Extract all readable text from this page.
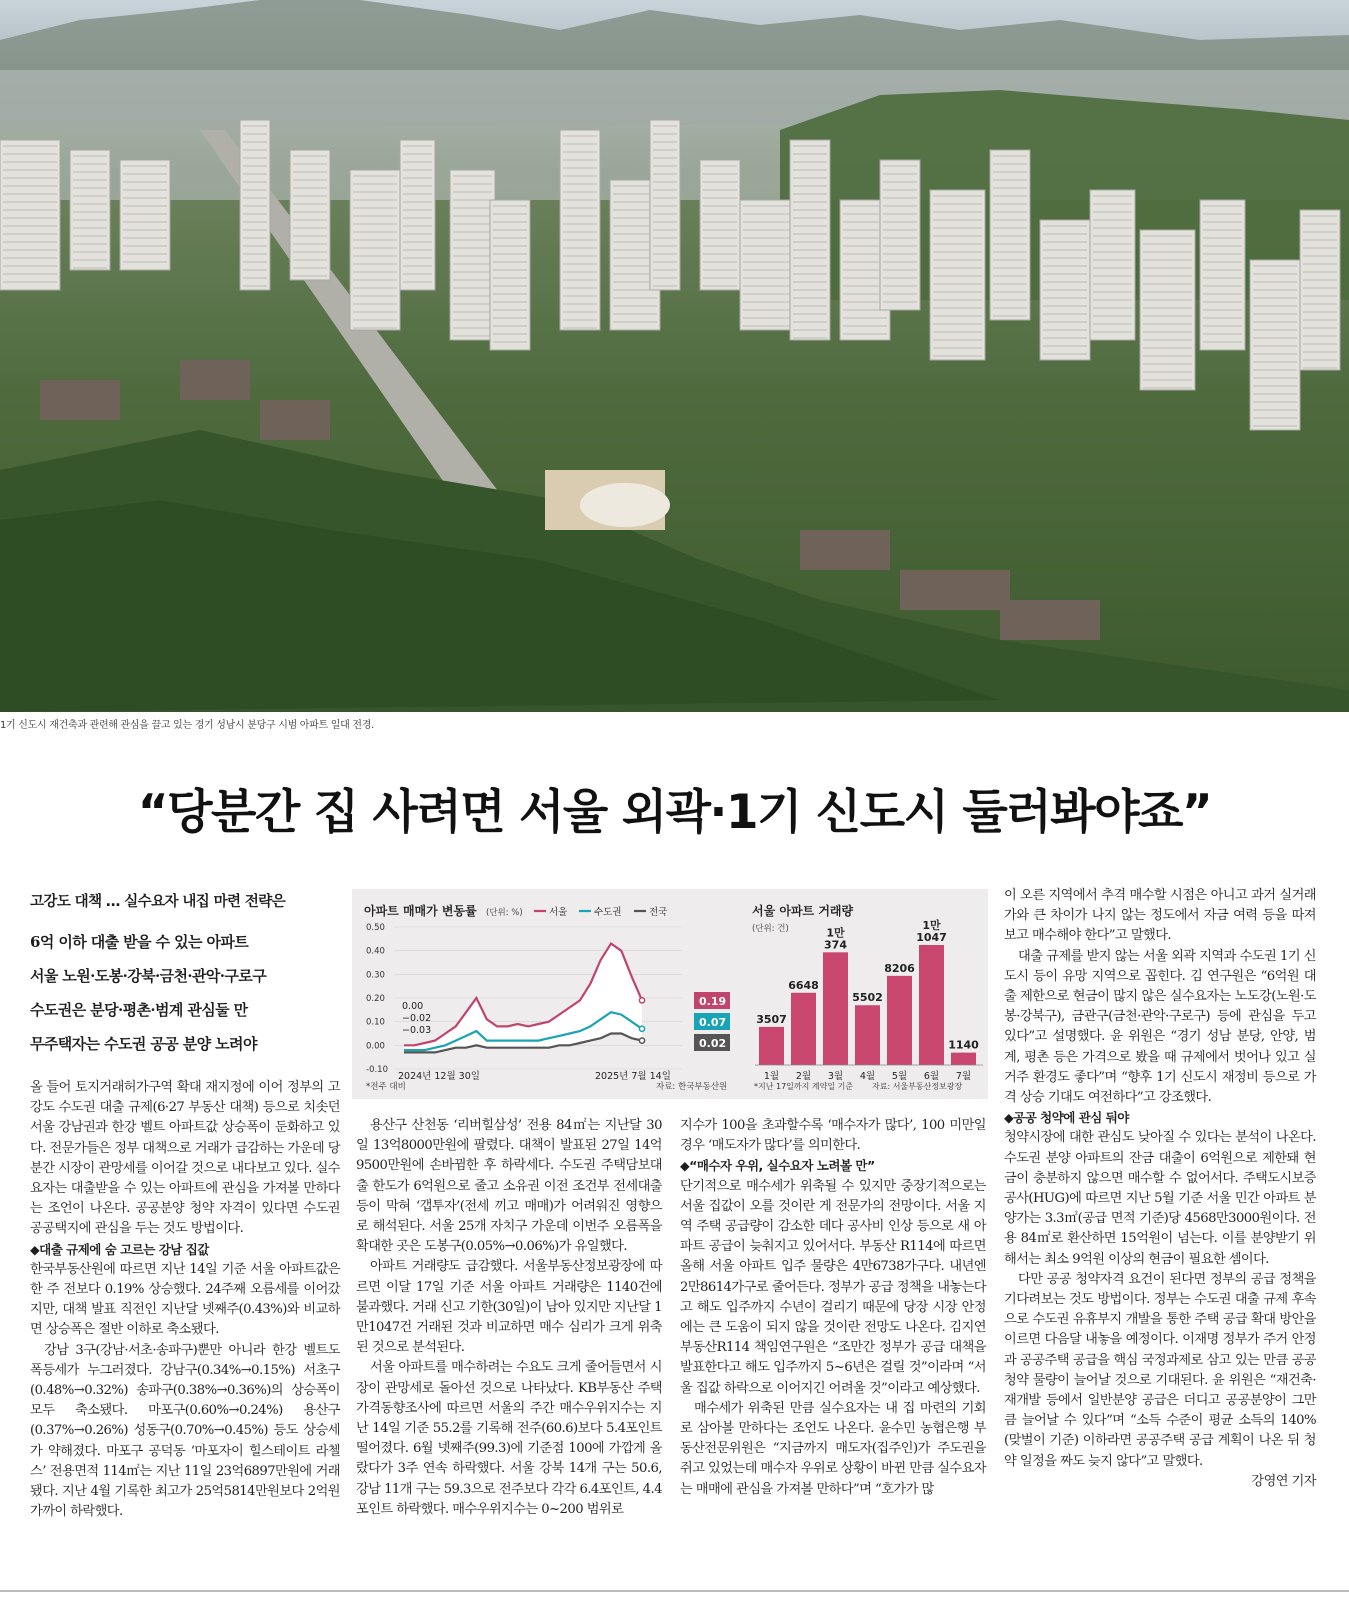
1기 신도시 재건축과 관련해 관심을 끌고 있는 경기 성남시 분당구 시범 아파트 일대 전경.
“당분간 집 사려면 서울 외곽·1기 신도시 둘러봐야죠”
고강도 대책 … 실수요자 내집 마련 전략은
6억 이하 대출 받을 수 있는 아파트
서울 노원·도봉·강북·금천·관악·구로구
수도권은 분당·평촌·범계 관심둘 만
무주택자는 수도권 공공 분양 노려야
아파트 매매가 변동률 (단위: %)	서울	수도권	전국
0.50
0.40
0.30
0.20
0.10
0.00
-0.10
0.00
−0.02
−0.03
0.19
0.07
0.02
2024년 12월 30일	2025년 7월 14일
*전주 대비	자료: 한국부동산원
서울 아파트 거래량
(단위: 건)
3507
1월
6648
2월
1만
374
3월
5502
4월
8206
5월
1만
1047
6월
1140
7월
*지난 17일까지 계약일 기준 자료: 서울부동산정보광장

올 들어 토지거래허가구역 확대 재지정에 이어 정부의 고강도 수도권 대출 규제(6·27 부동산 대책) 등으로 치솟던 서울 강남권과 한강 벨트 아파트값 상승폭이 둔화하고 있다. 전문가들은 정부 대책으로 거래가 급감하는 가운데 당분간 시장이 관망세를 이어갈 것으로 내다보고 있다. 실수요자는 대출받을 수 있는 아파트에 관심을 가져볼 만하다는 조언이 나온다. 공공분양 청약 자격이 있다면 수도권 공공택지에 관심을 두는 것도 방법이다.

◆대출 규제에 숨 고르는 강남 집값

한국부동산원에 따르면 지난 14일 기준 서울 아파트값은 한 주 전보다 0.19% 상승했다. 24주째 오름세를 이어갔지만, 대책 발표 직전인 지난달 넷째주(0.43%)와 비교하면 상승폭은 절반 이하로 축소됐다.

강남 3구(강남·서초·송파구)뿐만 아니라 한강 벨트도 폭등세가 누그러졌다. 강남구(0.34%→0.15%) 서초구(0.48%→0.32%) 송파구(0.38%→0.36%)의 상승폭이 모두 축소됐다. 마포구(0.60%→0.24%) 용산구(0.37%→0.26%) 성동구(0.70%→0.45%) 등도 상승세가 약해졌다. 마포구 공덕동 ‘마포자이 힐스테이트 라첼스’ 전용면적 114㎡는 지난 11일 23억6897만원에 거래됐다. 지난 4월 기록한 최고가 25억5814만원보다 2억원 가까이 하락했다.

용산구 산천동 ‘리버힐삼성’ 전용 84㎡는 지난달 30일 13억8000만원에 팔렸다. 대책이 발표된 27일 14억9500만원에 손바뀜한 후 하락세다. 수도권 주택담보대출 한도가 6억원으로 줄고 소유권 이전 조건부 전세대출 등이 막혀 ‘갭투자’(전세 끼고 매매)가 어려워진 영향으로 해석된다. 서울 25개 자치구 가운데 이번주 오름폭을 확대한 곳은 도봉구(0.05%→0.06%)가 유일했다.

아파트 거래량도 급감했다. 서울부동산정보광장에 따르면 이달 17일 기준 서울 아파트 거래량은 1140건에 불과했다. 거래 신고 기한(30일)이 남아 있지만 지난달 1만1047건 거래된 것과 비교하면 매수 심리가 크게 위축된 것으로 분석된다.

서울 아파트를 매수하려는 수요도 크게 줄어들면서 시장이 관망세로 돌아선 것으로 나타났다. KB부동산 주택가격동향조사에 따르면 서울의 주간 매수우위지수는 지난 14일 기준 55.2를 기록해 전주(60.6)보다 5.4포인트 떨어졌다. 6월 넷째주(99.3)에 기준점 100에 가깝게 올랐다가 3주 연속 하락했다. 서울 강북 14개 구는 50.6, 강남 11개 구는 59.3으로 전주보다 각각 6.4포인트, 4.4포인트 하락했다. 매수우위지수는 0~200 범위로

지수가 100을 초과할수록 ‘매수자가 많다’, 100 미만일 경우 ‘매도자가 많다’를 의미한다.

◆“매수자 우위, 실수요자 노려볼 만”

단기적으로 매수세가 위축될 수 있지만 중장기적으로는 서울 집값이 오를 것이란 게 전문가의 전망이다. 서울 지역 주택 공급량이 감소한 데다 공사비 인상 등으로 새 아파트 공급이 늦춰지고 있어서다. 부동산 R114에 따르면 올해 서울 아파트 입주 물량은 4만6738가구다. 내년엔 2만8614가구로 줄어든다. 정부가 공급 정책을 내놓는다고 해도 입주까지 수년이 걸리기 때문에 당장 시장 안정에는 큰 도움이 되지 않을 것이란 전망도 나온다. 김지연 부동산R114 책임연구원은 “조만간 정부가 공급 대책을 발표한다고 해도 입주까지 5~6년은 걸릴 것”이라며 “서울 집값 하락으로 이어지긴 어려울 것”이라고 예상했다.

매수세가 위축된 만큼 실수요자는 내 집 마련의 기회로 삼아볼 만하다는 조언도 나온다. 윤수민 농협은행 부동산전문위원은 “지금까지 매도자(집주인)가 주도권을 쥐고 있었는데 매수자 우위로 상황이 바뀐 만큼 실수요자는 매매에 관심을 가져볼 만하다”며 “호가가 많

이 오른 지역에서 추격 매수할 시점은 아니고 과거 실거래가와 큰 차이가 나지 않는 정도에서 자금 여력 등을 따져보고 매수해야 한다”고 말했다.

대출 규제를 받지 않는 서울 외곽 지역과 수도권 1기 신도시 등이 유망 지역으로 꼽힌다. 김 연구원은 “6억원 대출 제한으로 현금이 많지 않은 실수요자는 노도강(노원·도봉·강북구), 금관구(금천·관악·구로구) 등에 관심을 두고 있다”고 설명했다. 윤 위원은 “경기 성남 분당, 안양, 범계, 평촌 등은 가격으로 봤을 때 규제에서 벗어나 있고 실거주 환경도 좋다”며 “향후 1기 신도시 재정비 등으로 가격 상승 기대도 여전하다”고 강조했다.

◆공공 청약에 관심 둬야

청약시장에 대한 관심도 낮아질 수 있다는 분석이 나온다. 수도권 분양 아파트의 잔금 대출이 6억원으로 제한돼 현금이 충분하지 않으면 매수할 수 없어서다. 주택도시보증공사(HUG)에 따르면 지난 5월 기준 서울 민간 아파트 분양가는 3.3㎡(공급 면적 기준)당 4568만3000원이다. 전용 84㎡로 환산하면 15억원이 넘는다. 이를 분양받기 위해서는 최소 9억원 이상의 현금이 필요한 셈이다.

다만 공공 청약자격 요건이 된다면 정부의 공급 정책을 기다려보는 것도 방법이다. 정부는 수도권 대출 규제 후속으로 수도권 유휴부지 개발을 통한 주택 공급 확대 방안을 이르면 다음달 내놓을 예정이다. 이재명 정부가 주거 안정과 공공주택 공급을 핵심 국정과제로 삼고 있는 만큼 공공 청약 물량이 늘어날 것으로 기대된다. 윤 위원은 “재건축·재개발 등에서 일반분양 공급은 더디고 공공분양이 그만큼 늘어날 수 있다”며 “소득 수준이 평균 소득의 140%(맞벌이 기준) 이하라면 공공주택 공급 계획이 나온 뒤 청약 일정을 짜도 늦지 않다”고 말했다.

강영연 기자
